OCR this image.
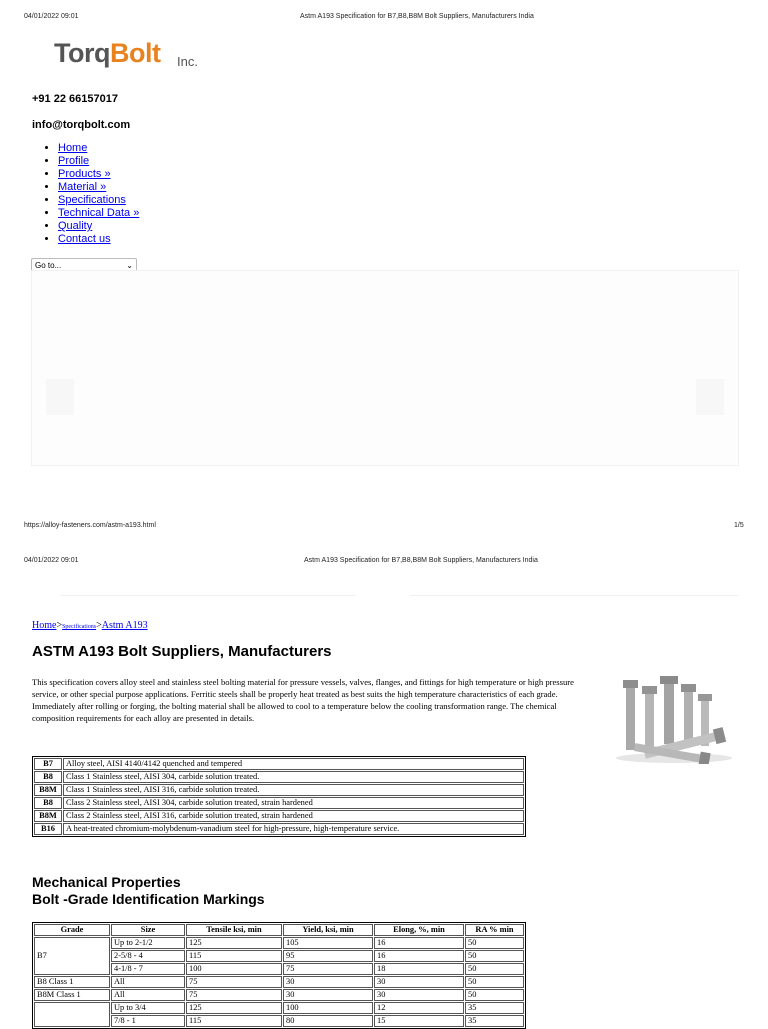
04/01/2022 09:01	Astm A193 Specification for B7,B8,B8M Bolt Suppliers, Manufacturers India
TorqBolt Inc.
+91 22 66157017
info@torqbolt.com
• Home
• Profile
• Products »
• Material »
• Specifications
• Technical Data »
• Quality
• Contact us
Go to...	⌄
https://alloy-fasteners.com/astm-a193.html	1/5
04/01/2022 09:01	Astm A193 Specification for B7,B8,B8M Bolt Suppliers, Manufacturers India
Home>Specifications>Astm A193
ASTM A193 Bolt Suppliers, Manufacturers
This specification covers alloy steel and stainless steel bolting material for pressure vessels, valves, flanges, and fittings for high temperature or high pressure service, or other special purpose applications. Ferritic steels shall be properly heat treated as best suits the high temperature characteristics of each grade. Immediately after rolling or forging, the bolting material shall be allowed to cool to a temperature below the cooling transformation range. The chemical composition requirements for each alloy are presented in details.
B7	Alloy steel, AISI 4140/4142 quenched and tempered
B8	Class 1 Stainless steel, AISI 304, carbide solution treated.
B8M	Class 1 Stainless steel, AISI 316, carbide solution treated.
B8	Class 2 Stainless steel, AISI 304, carbide solution treated, strain hardened
B8M	Class 2 Stainless steel, AISI 316, carbide solution treated, strain hardened
B16	A heat-treated chromium-molybdenum-vanadium steel for high-pressure, high-temperature service.
Mechanical Properties
Bolt -Grade Identification Markings
Grade	Size	Tensile ksi, min	Yield, ksi, min	Elong, %, min	RA % min
B7	Up to 2-1/2	125	105	16	50
	2-5/8 - 4	115	95	16	50
	4-1/8 - 7	100	75	18	50
B8 Class 1	All	75	30	30	50
B8M Class 1	All	75	30	30	50
	Up to 3/4	125	100	12	35
	7/8 - 1	115	80	15	35
